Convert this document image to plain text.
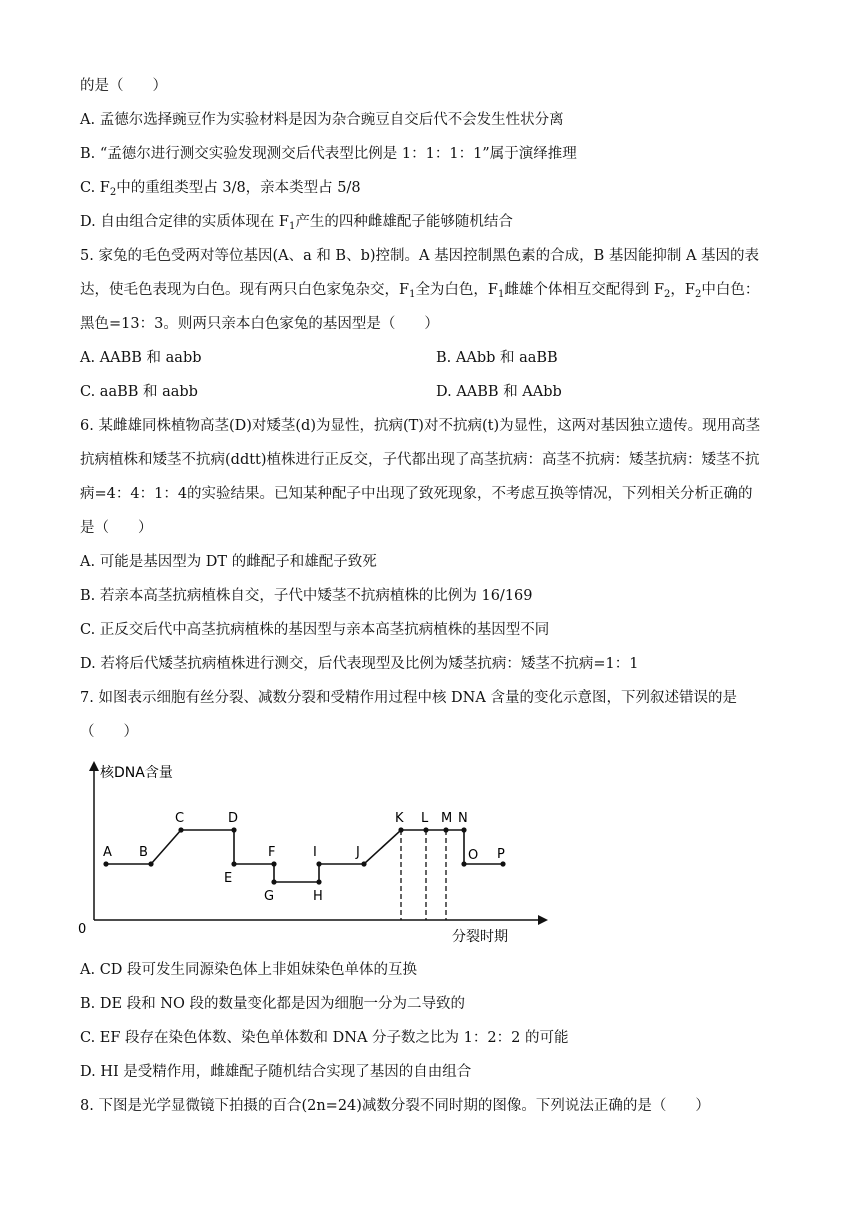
的是（　　）
A. 孟德尔选择豌豆作为实验材料是因为杂合豌豆自交后代不会发生性状分离
B. “孟德尔进行测交实验发现测交后代表型比例是 1：1：1：1”属于演绎推理
C. $F_2$中的重组类型占 3/8，亲本类型占 5/8
D. 自由组合定律的实质体现在 $F_1$产生的四种雌雄配子能够随机结合
5. 家兔的毛色受两对等位基因(A、a 和 B、b)控制。A 基因控制黑色素的合成，B 基因能抑制 A 基因的表
达，使毛色表现为白色。现有两只白色家兔杂交，$F_1$全为白色，$F_1$雌雄个体相互交配得到 $F_2$，$F_2$中白色：
黑色=13：3。则两只亲本白色家兔的基因型是（　　）
A. AABB 和 aabb	B. AAbb 和 aaBB
C. aaBB 和 aabb	D. AABB 和 AAbb
6. 某雌雄同株植物高茎(D)对矮茎(d)为显性，抗病(T)对不抗病(t)为显性，这两对基因独立遗传。现用高茎
抗病植株和矮茎不抗病(ddtt)植株进行正反交，子代都出现了高茎抗病：高茎不抗病：矮茎抗病：矮茎不抗
病=4：4：1：4的实验结果。已知某种配子中出现了致死现象，不考虑互换等情况，下列相关分析正确的
是（　　）
A. 可能是基因型为 DT 的雌配子和雄配子致死
B. 若亲本高茎抗病植株自交，子代中矮茎不抗病植株的比例为 16/169
C. 正反交后代中高茎抗病植株的基因型与亲本高茎抗病植株的基因型不同
D. 若将后代矮茎抗病植株进行测交，后代表现型及比例为矮茎抗病：矮茎不抗病=1：1
7. 如图表示细胞有丝分裂、减数分裂和受精作用过程中核 DNA 含量的变化示意图，下列叙述错误的是
（　　）
核DNA含量
分裂时期
0
A B
C	D
E
F
G	H
I	J
K L M N
O P
A. CD 段可发生同源染色体上非姐妹染色单体的互换
B. DE 段和 NO 段的数量变化都是因为细胞一分为二导致的
C. EF 段存在染色体数、染色单体数和 DNA 分子数之比为 1：2：2 的可能
D. HI 是受精作用，雌雄配子随机结合实现了基因的自由组合
8. 下图是光学显微镜下拍摄的百合(2n=24)减数分裂不同时期的图像。下列说法正确的是（　　）
